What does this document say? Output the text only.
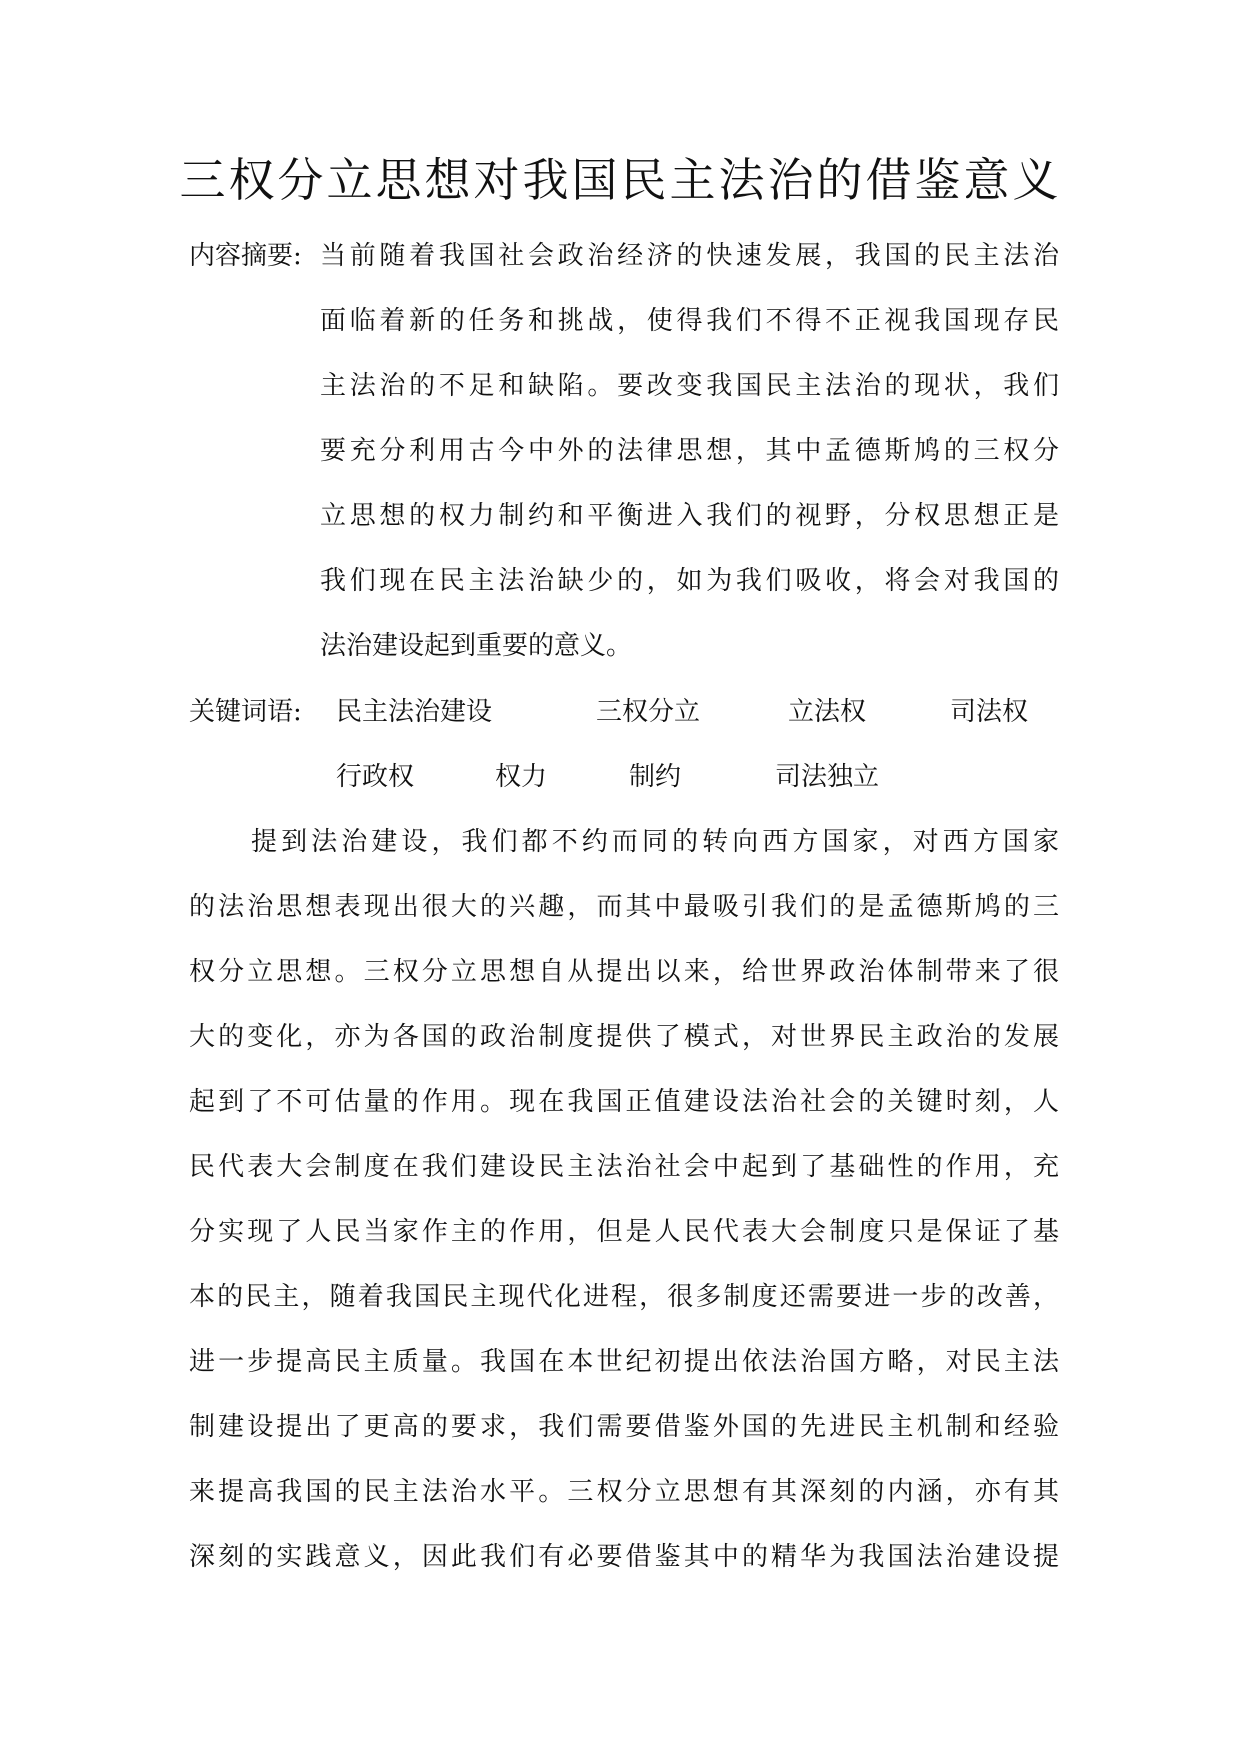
三权分立思想对我国民主法治的借鉴意义
内容摘要: 当前随着我国社会政治经济的快速发展，我国的民主法治
面临着新的任务和挑战，使得我们不得不正视我国现存民
主法治的不足和缺陷。要改变我国民主法治的现状，我们
要充分利用古今中外的法律思想，其中孟德斯鸠的三权分
立思想的权力制约和平衡进入我们的视野，分权思想正是
我们现在民主法治缺少的，如为我们吸收，将会对我国的
法治建设起到重要的意义。
关键词语: 民主法治建设	三权分立	立法权	司法权
行政权	权力	制约	司法独立
提到法治建设，我们都不约而同的转向西方国家，对西方国家
的法治思想表现出很大的兴趣，而其中最吸引我们的是孟德斯鸠的三
权分立思想。三权分立思想自从提出以来，给世界政治体制带来了很
大的变化，亦为各国的政治制度提供了模式，对世界民主政治的发展
起到了不可估量的作用。现在我国正值建设法治社会的关键时刻，人
民代表大会制度在我们建设民主法治社会中起到了基础性的作用，充
分实现了人民当家作主的作用，但是人民代表大会制度只是保证了基
本的民主，随着我国民主现代化进程，很多制度还需要进一步的改善，
进一步提高民主质量。我国在本世纪初提出依法治国方略，对民主法
制建设提出了更高的要求，我们需要借鉴外国的先进民主机制和经验
来提高我国的民主法治水平。三权分立思想有其深刻的内涵，亦有其
深刻的实践意义，因此我们有必要借鉴其中的精华为我国法治建设提
